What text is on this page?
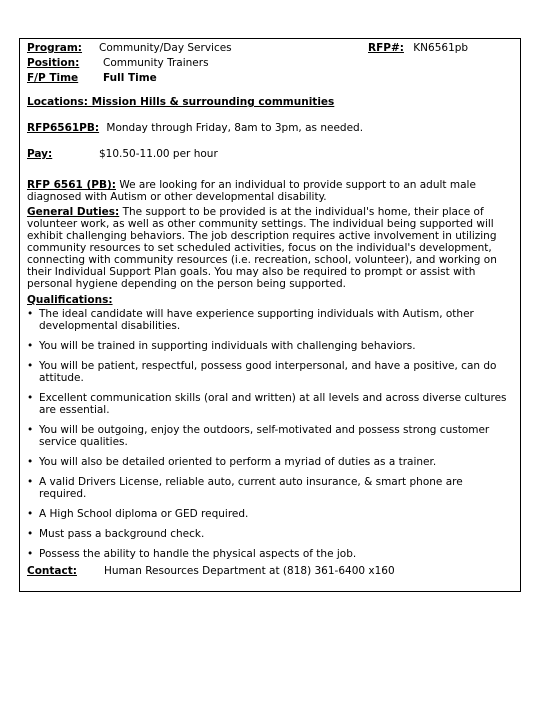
RFP#: KN6561pb
Program: Community/Day Services
Position: Community Trainers
F/P Time Full Time
Locations: Mission Hills & surrounding communities
RFP6561PB: Monday through Friday, 8am to 3pm, as needed.
Pay:	$10.50-11.00 per hour
RFP 6561 (PB): We are looking for an individual to provide support to an adult male diagnosed with Autism or other developmental disability.
General Duties: The support to be provided is at the individual's home, their place of volunteer work, as well as other community settings. The individual being supported will exhibit challenging behaviors. The job description requires active involvement in utilizing community resources to set scheduled activities, focus on the individual's development, connecting with community resources (i.e. recreation, school, volunteer), and working on their Individual Support Plan goals. You may also be required to prompt or assist with personal hygiene depending on the person being supported.
Qualifications:
• The ideal candidate will have experience supporting individuals with Autism, other developmental disabilities.
• You will be trained in supporting individuals with challenging behaviors.
• You will be patient, respectful, possess good interpersonal, and have a positive, can do attitude.
• Excellent communication skills (oral and written) at all levels and across diverse cultures are essential.
• You will be outgoing, enjoy the outdoors, self-motivated and possess strong customer service qualities.
• You will also be detailed oriented to perform a myriad of duties as a trainer.
• A valid Drivers License, reliable auto, current auto insurance, & smart phone are required.
• A High School diploma or GED required.
• Must pass a background check.
• Possess the ability to handle the physical aspects of the job.
Contact:	Human Resources Department at (818) 361-6400 x160
